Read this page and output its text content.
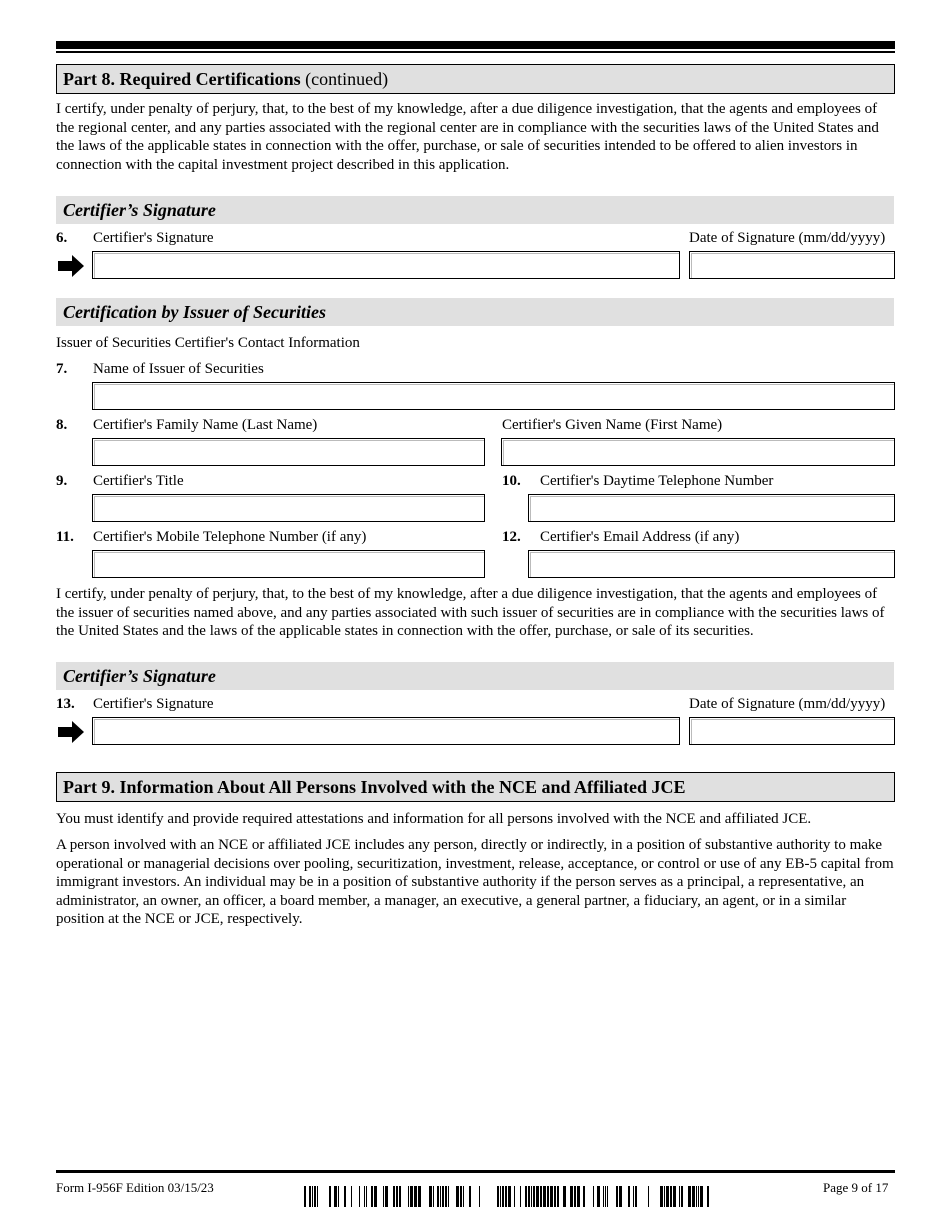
Part 8. Required Certifications (continued)
I certify, under penalty of perjury, that, to the best of my knowledge, after a due diligence investigation, that the agents and employees of the regional center, and any parties associated with the regional center are in compliance with the securities laws of the United States and the laws of the applicable states in connection with the offer, purchase, or sale of securities intended to be offered to alien investors in connection with the capital investment project described in this application.
Certifier’s Signature
6. Certifier's Signature	Date of Signature (mm/dd/yyyy)
Certification by Issuer of Securities
Issuer of Securities Certifier's Contact Information
7. Name of Issuer of Securities
8. Certifier's Family Name (Last Name)	Certifier's Given Name (First Name)
9. Certifier's Title	10. Certifier's Daytime Telephone Number
11. Certifier's Mobile Telephone Number (if any)	12. Certifier's Email Address (if any)
I certify, under penalty of perjury, that, to the best of my knowledge, after a due diligence investigation, that the agents and employees of the issuer of securities named above, and any parties associated with such issuer of securities are in compliance with the securities laws of the United States and the laws of the applicable states in connection with the offer, purchase, or sale of its securities.
Certifier’s Signature
13. Certifier's Signature	Date of Signature (mm/dd/yyyy)
Part 9. Information About All Persons Involved with the NCE and Affiliated JCE
You must identify and provide required attestations and information for all persons involved with the NCE and affiliated JCE.
A person involved with an NCE or affiliated JCE includes any person, directly or indirectly, in a position of substantive authority to make operational or managerial decisions over pooling, securitization, investment, release, acceptance, or control or use of any EB-5 capital from immigrant investors. An individual may be in a position of substantive authority if the person serves as a principal, a representative, an administrator, an owner, an officer, a board member, a manager, an executive, a general partner, a fiduciary, an agent, or in a similar position at the NCE or JCE, respectively.
Form I-956F Edition 03/15/23	Page 9 of 17
